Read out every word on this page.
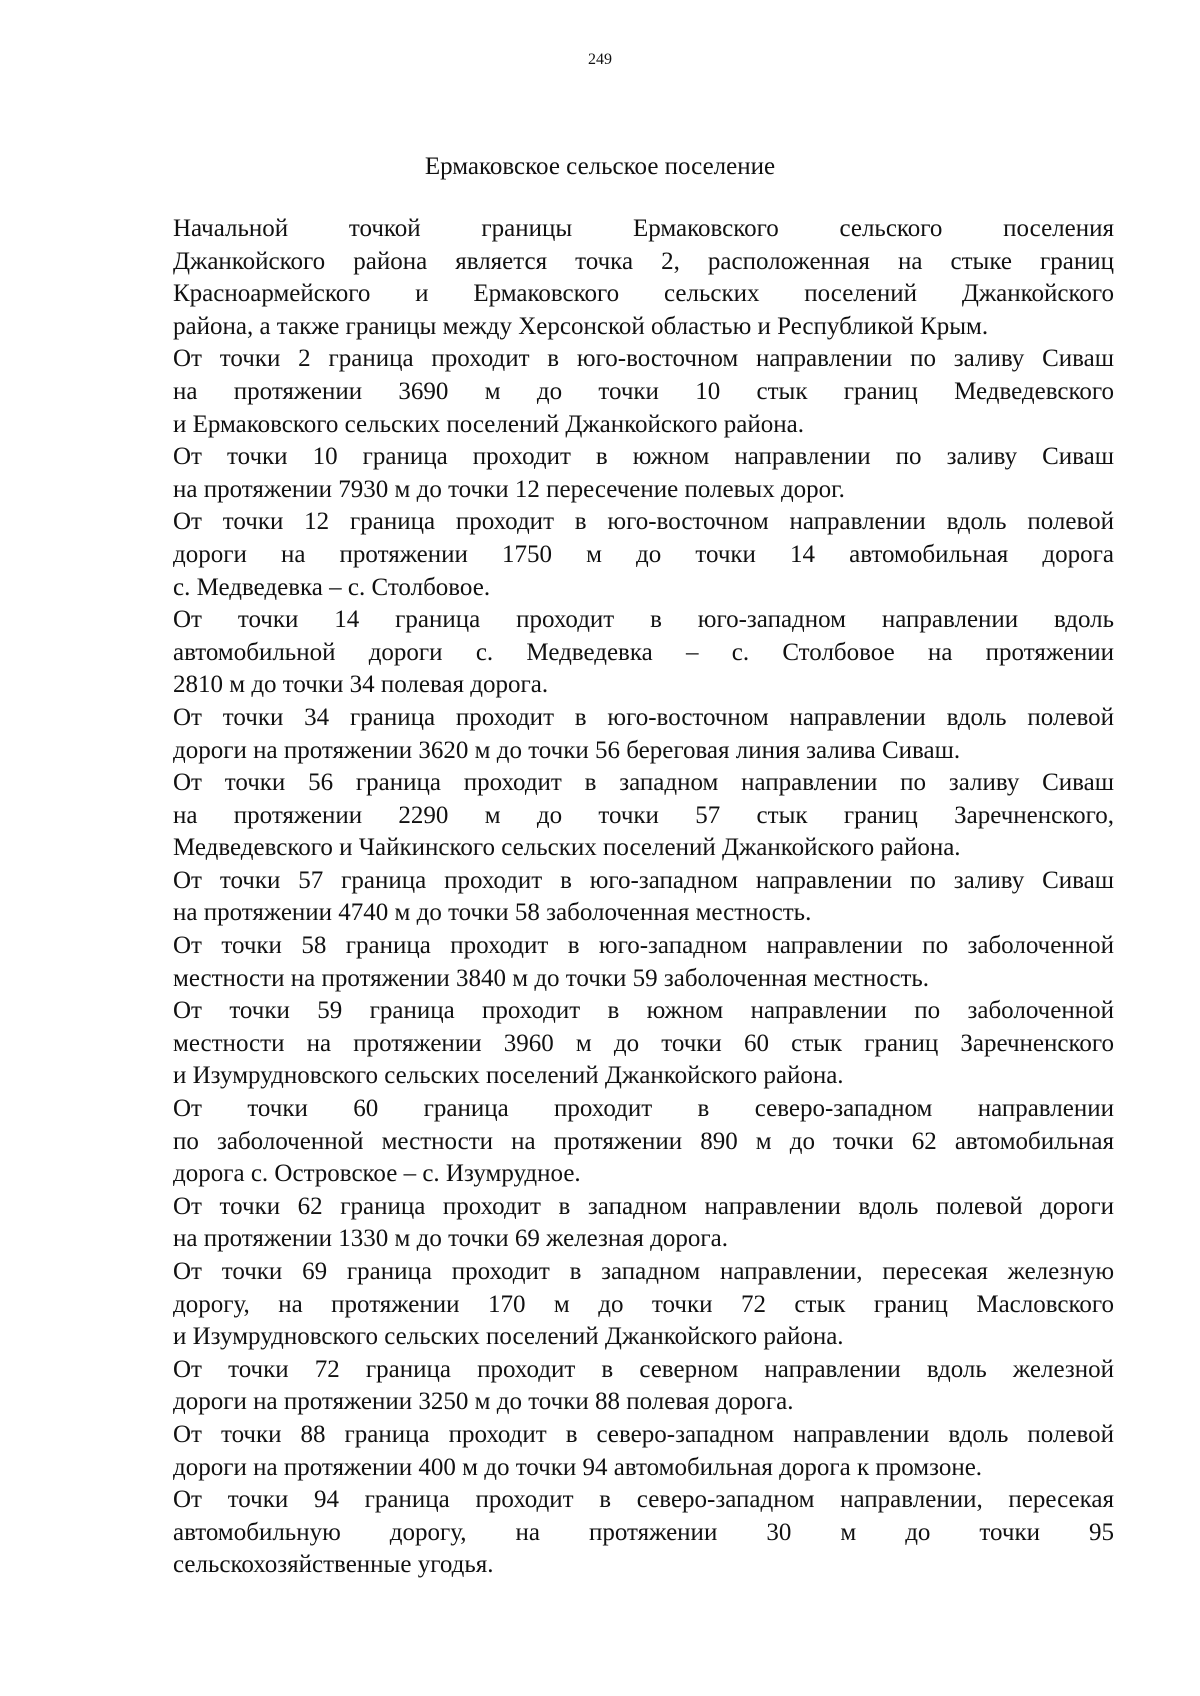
249
Ермаковское сельское поселение
Начальной точкой границы Ермаковского сельского поселения
Джанкойского района является точка 2, расположенная на стыке границ
Красноармейского и Ермаковского сельских поселений Джанкойского
района, а также границы между Херсонской областью и Республикой Крым.
От точки 2 граница проходит в юго-восточном направлении по заливу Сиваш
на протяжении 3690 м до точки 10 стык границ Медведевского
и Ермаковского сельских поселений Джанкойского района.
От точки 10 граница проходит в южном направлении по заливу Сиваш
на протяжении 7930 м до точки 12 пересечение полевых дорог.
От точки 12 граница проходит в юго-восточном направлении вдоль полевой
дороги на протяжении 1750 м до точки 14 автомобильная дорога
с. Медведевка – с. Столбовое.
От точки 14 граница проходит в юго-западном направлении вдоль
автомобильной дороги с. Медведевка – с. Столбовое на протяжении
2810 м до точки 34 полевая дорога.
От точки 34 граница проходит в юго-восточном направлении вдоль полевой
дороги на протяжении 3620 м до точки 56 береговая линия залива Сиваш.
От точки 56 граница проходит в западном направлении по заливу Сиваш
на протяжении 2290 м до точки 57 стык границ Заречненского,
Медведевского и Чайкинского сельских поселений Джанкойского района.
От точки 57 граница проходит в юго-западном направлении по заливу Сиваш
на протяжении 4740 м до точки 58 заболоченная местность.
От точки 58 граница проходит в юго-западном направлении по заболоченной
местности на протяжении 3840 м до точки 59 заболоченная местность.
От точки 59 граница проходит в южном направлении по заболоченной
местности на протяжении 3960 м до точки 60 стык границ Заречненского
и Изумрудновского сельских поселений Джанкойского района.
От точки 60 граница проходит в северо-западном направлении
по заболоченной местности на протяжении 890 м до точки 62 автомобильная
дорога с. Островское – с. Изумрудное.
От точки 62 граница проходит в западном направлении вдоль полевой дороги
на протяжении 1330 м до точки 69 железная дорога.
От точки 69 граница проходит в западном направлении, пересекая железную
дорогу, на протяжении 170 м до точки 72 стык границ Масловского
и Изумрудновского сельских поселений Джанкойского района.
От точки 72 граница проходит в северном направлении вдоль железной
дороги на протяжении 3250 м до точки 88 полевая дорога.
От точки 88 граница проходит в северо-западном направлении вдоль полевой
дороги на протяжении 400 м до точки 94 автомобильная дорога к промзоне.
От точки 94 граница проходит в северо-западном направлении, пересекая
автомобильную дорогу, на протяжении 30 м до точки 95
сельскохозяйственные угодья.
